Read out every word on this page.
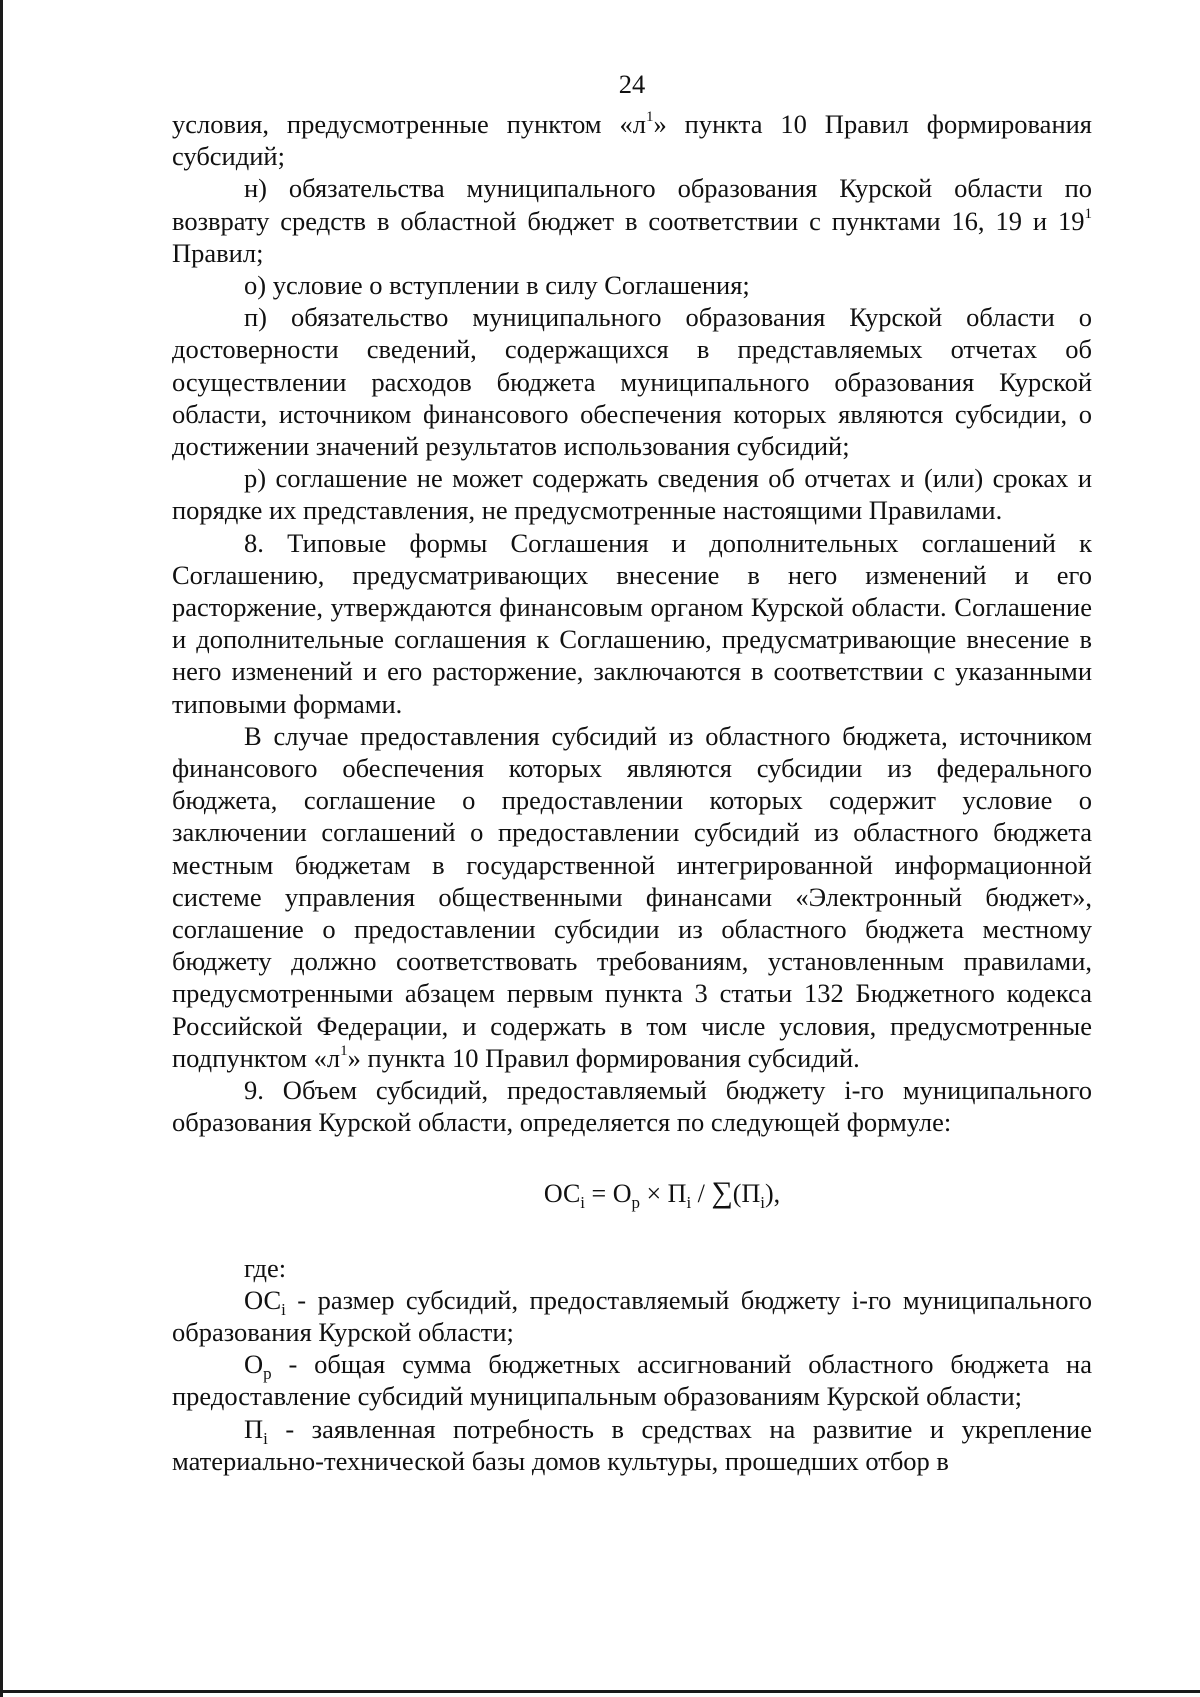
24

условия, предусмотренные пунктом «$л^1$» пункта 10 Правил формирования субсидий;

н) обязательства муниципального образования Курской области по возврату средств в областной бюджет в соответствии с пунктами 16, 19 и $19^1$ Правил;

о) условие о вступлении в силу Соглашения;

п) обязательство муниципального образования Курской области о достоверности сведений, содержащихся в представляемых отчетах об осуществлении расходов бюджета муниципального образования Курской области, источником финансового обеспечения которых являются субсидии, о достижении значений результатов использования субсидий;

р) соглашение не может содержать сведения об отчетах и (или) сроках и порядке их представления, не предусмотренные настоящими Правилами.

8. Типовые формы Соглашения и дополнительных соглашений к Соглашению, предусматривающих внесение в него изменений и его расторжение, утверждаются финансовым органом Курской области. Соглашение и дополнительные соглашения к Соглашению, предусматривающие внесение в него изменений и его расторжение, заключаются в соответствии с указанными типовыми формами.

В случае предоставления субсидий из областного бюджета, источником финансового обеспечения которых являются субсидии из федерального бюджета, соглашение о предоставлении которых содержит условие о заключении соглашений о предоставлении субсидий из областного бюджета местным бюджетам в государственной интегрированной информационной системе управления общественными финансами «Электронный бюджет», соглашение о предоставлении субсидии из областного бюджета местному бюджету должно соответствовать требованиям, установленным правилами, предусмотренными абзацем первым пункта 3 статьи 132 Бюджетного кодекса Российской Федерации, и содержать в том числе условия, предусмотренные подпунктом «$л^1$» пункта 10 Правил формирования субсидий.

9. Объем субсидий, предоставляемый бюджету i-го муниципального образования Курской области, определяется по следующей формуле:

$ОС_i = О_р \times П_i / \sum(П_i)$,

где:

$ОС_i$ - размер субсидий, предоставляемый бюджету i-го муниципального образования Курской области;

$О_р$ - общая сумма бюджетных ассигнований областного бюджета на предоставление субсидий муниципальным образованиям Курской области;

$П_i$ - заявленная потребность в средствах на развитие и укрепление материально-технической базы домов культуры, прошедших отбор в
